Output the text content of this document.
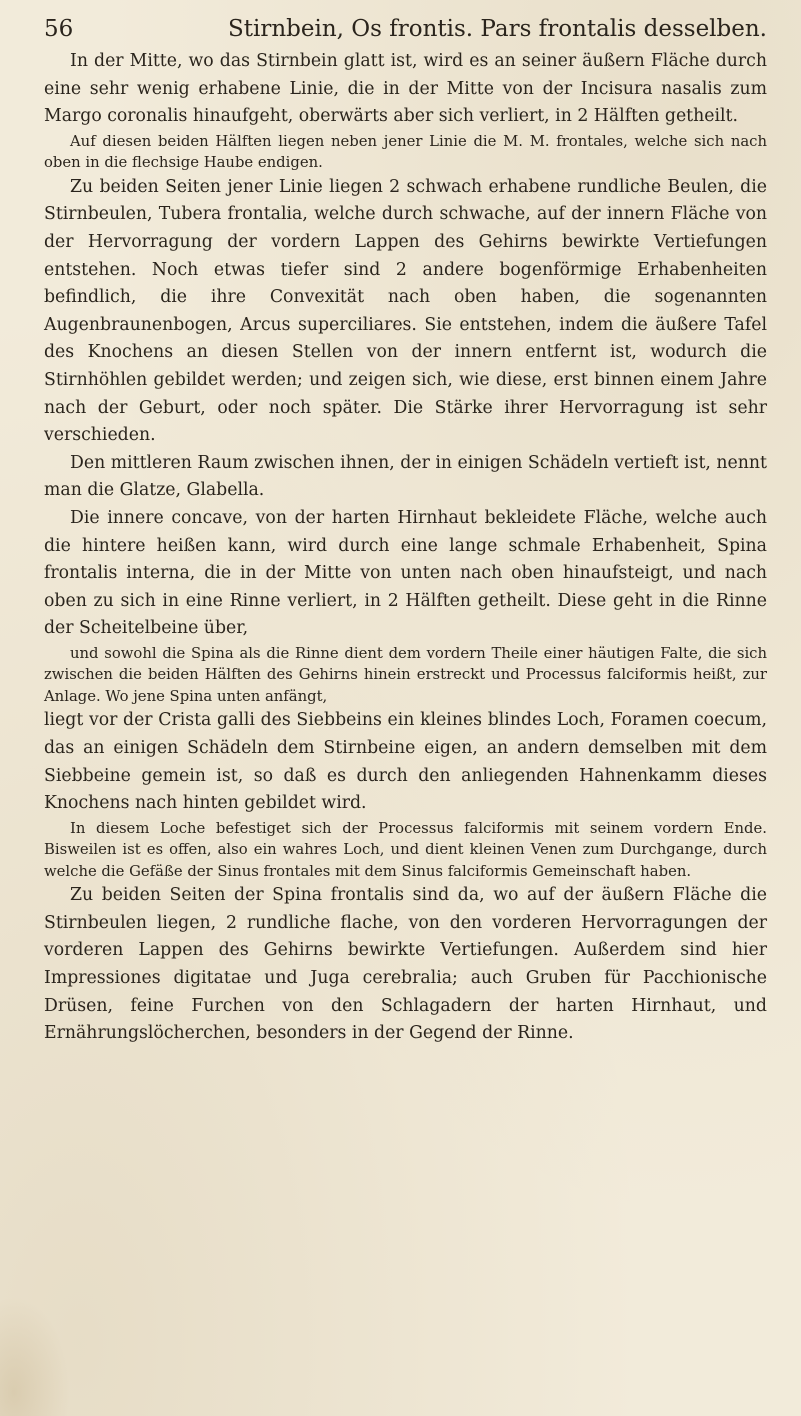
56	Stirnbein, Os frontis. Pars frontalis desselben.

In der Mitte, wo das Stirnbein glatt ist, wird es an seiner äußern Fläche durch eine sehr wenig erhabene Linie, die in der Mitte von der Incisura nasalis zum Margo coronalis hinaufgeht, oberwärts aber sich verliert, in 2 Hälften getheilt.

Auf diesen beiden Hälften liegen neben jener Linie die M. M. frontales, welche sich nach oben in die flechsige Haube endigen.

Zu beiden Seiten jener Linie liegen 2 schwach erhabene rundliche Beulen, die Stirnbeulen, Tubera frontalia, welche durch schwache, auf der innern Fläche von der Hervorragung der vordern Lappen des Gehirns bewirkte Vertiefungen entstehen. Noch etwas tiefer sind 2 andere bogenförmige Erhabenheiten befindlich, die ihre Convexität nach oben haben, die sogenannten Augenbraunenbogen, Arcus superciliares. Sie entstehen, indem die äußere Tafel des Knochens an diesen Stellen von der innern entfernt ist, wodurch die Stirnhöhlen gebildet werden; und zeigen sich, wie diese, erst binnen einem Jahre nach der Geburt, oder noch später. Die Stärke ihrer Hervorragung ist sehr verschieden.

Den mittleren Raum zwischen ihnen, der in einigen Schädeln vertieft ist, nennt man die Glatze, Glabella.

Die innere concave, von der harten Hirnhaut bekleidete Fläche, welche auch die hintere heißen kann, wird durch eine lange schmale Erhabenheit, Spina frontalis interna, die in der Mitte von unten nach oben hinaufsteigt, und nach oben zu sich in eine Rinne verliert, in 2 Hälften getheilt. Diese geht in die Rinne der Scheitelbeine über,

und sowohl die Spina als die Rinne dient dem vordern Theile einer häutigen Falte, die sich zwischen die beiden Hälften des Gehirns hinein erstreckt und Processus falciformis heißt, zur Anlage. Wo jene Spina unten anfängt,

liegt vor der Crista galli des Siebbeins ein kleines blindes Loch, Foramen coecum, das an einigen Schädeln dem Stirnbeine eigen, an andern demselben mit dem Siebbeine gemein ist, so daß es durch den anliegenden Hahnenkamm dieses Knochens nach hinten gebildet wird.

In diesem Loche befestiget sich der Processus falciformis mit seinem vordern Ende. Bisweilen ist es offen, also ein wahres Loch, und dient kleinen Venen zum Durchgange, durch welche die Gefäße der Sinus frontales mit dem Sinus falciformis Gemeinschaft haben.

Zu beiden Seiten der Spina frontalis sind da, wo auf der äußern Fläche die Stirnbeulen liegen, 2 rundliche flache, von den vorderen Hervorragungen der vorderen Lappen des Gehirns bewirkte Vertiefungen. Außerdem sind hier Impressiones digitatae und Juga cerebralia; auch Gruben für Pacchionische Drüsen, feine Furchen von den Schlagadern der harten Hirnhaut, und Ernährungslöcherchen, besonders in der Gegend der Rinne.
